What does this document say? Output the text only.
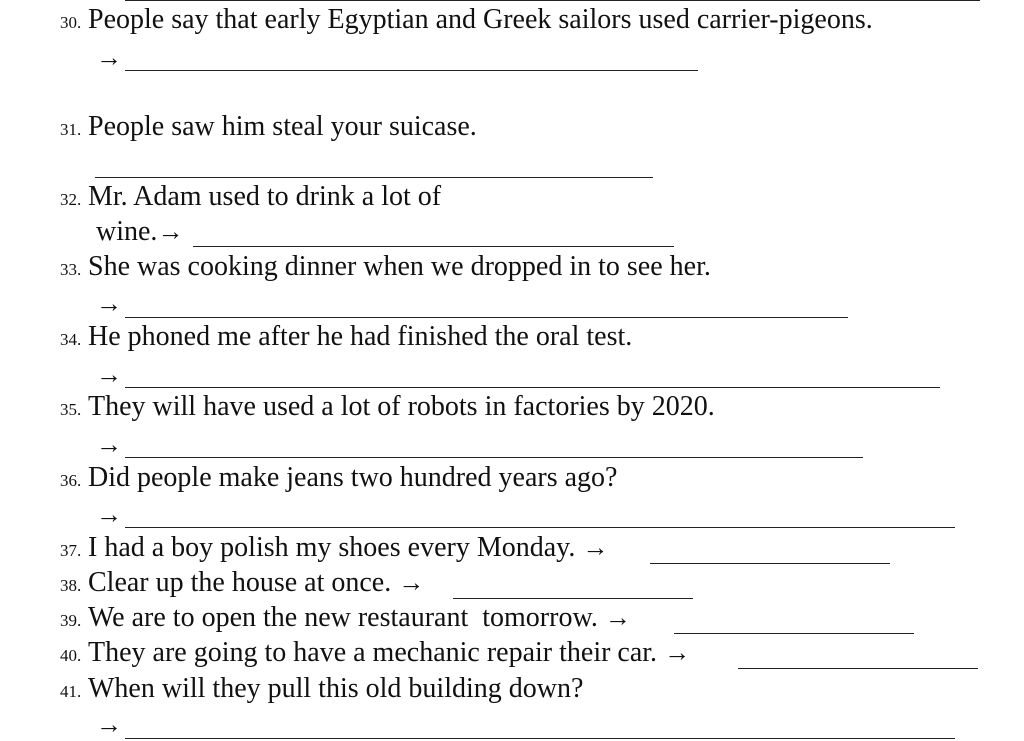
30. People say that early Egyptian and Greek sailors used carrier-pigeons.
→
31. People saw him steal your suicase.
32. Mr. Adam used to drink a lot of
wine.→
33. She was cooking dinner when we dropped in to see her.
→
34. He phoned me after he had finished the oral test.
→
35. They will have used a lot of robots in factories by 2020.
→
36. Did people make jeans two hundred years ago?
→
37. I had a boy polish my shoes every Monday. →
38. Clear up the house at once. →
39. We are to open the new restaurant  tomorrow. →
40. They are going to have a mechanic repair their car. →
41. When will they pull this old building down?
→
